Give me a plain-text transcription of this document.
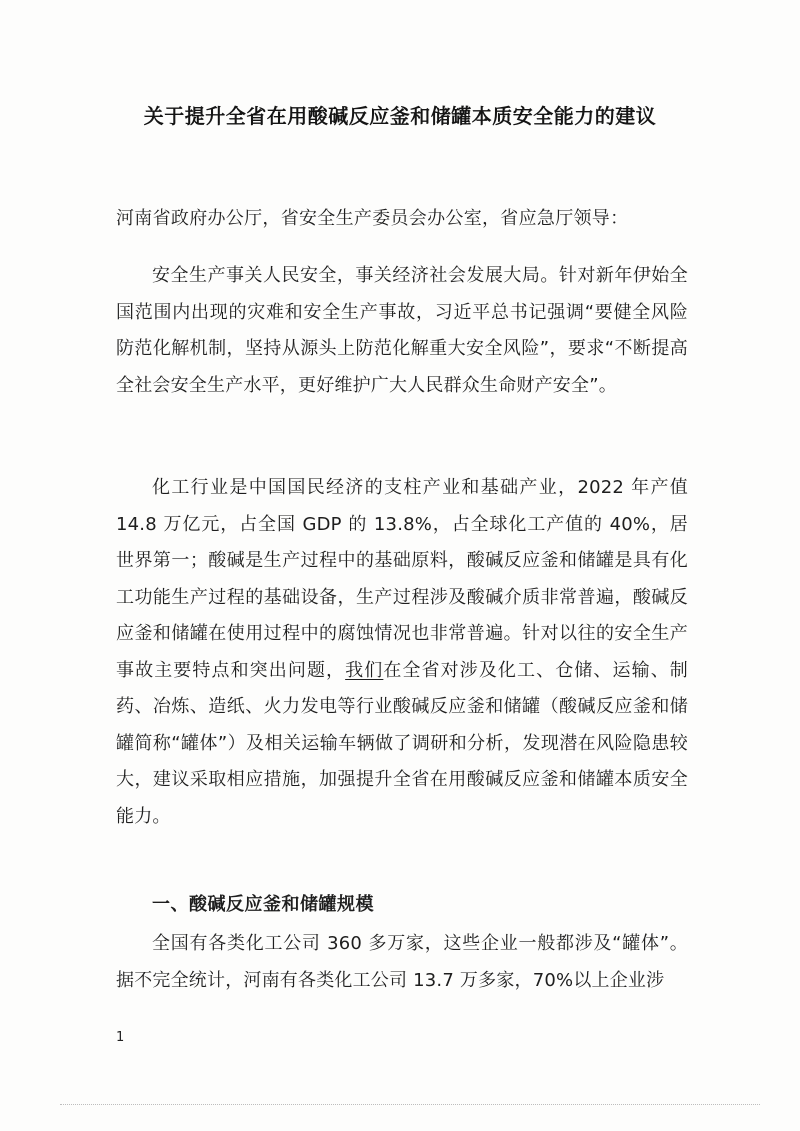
关于提升全省在用酸碱反应釜和储罐本质安全能力的建议
河南省政府办公厅，省安全生产委员会办公室，省应急厅领导：

安全生产事关人民安全，事关经济社会发展大局。针对新年伊始全国范围内出现的灾难和安全生产事故，习近平总书记强调“要健全风险防范化解机制，坚持从源头上防范化解重大安全风险”，要求“不断提高全社会安全生产水平，更好维护广大人民群众生命财产安全”。

化工行业是中国国民经济的支柱产业和基础产业，2022 年产值 14.8 万亿元，占全国 GDP 的 13.8%，占全球化工产值的 40%，居世界第一；酸碱是生产过程中的基础原料，酸碱反应釜和储罐是具有化工功能生产过程的基础设备，生产过程涉及酸碱介质非常普遍，酸碱反应釜和储罐在使用过程中的腐蚀情况也非常普遍。针对以往的安全生产事故主要特点和突出问题，我们在全省对涉及化工、仓储、运输、制药、冶炼、造纸、火力发电等行业酸碱反应釜和储罐（酸碱反应釜和储罐简称“罐体”）及相关运输车辆做了调研和分析，发现潜在风险隐患较大，建议采取相应措施，加强提升全省在用酸碱反应釜和储罐本质安全能力。

一、酸碱反应釜和储罐规模

全国有各类化工公司 360 多万家，这些企业一般都涉及“罐体”。据不完全统计，河南有各类化工公司 13.7 万多家，70%以上企业涉

1
